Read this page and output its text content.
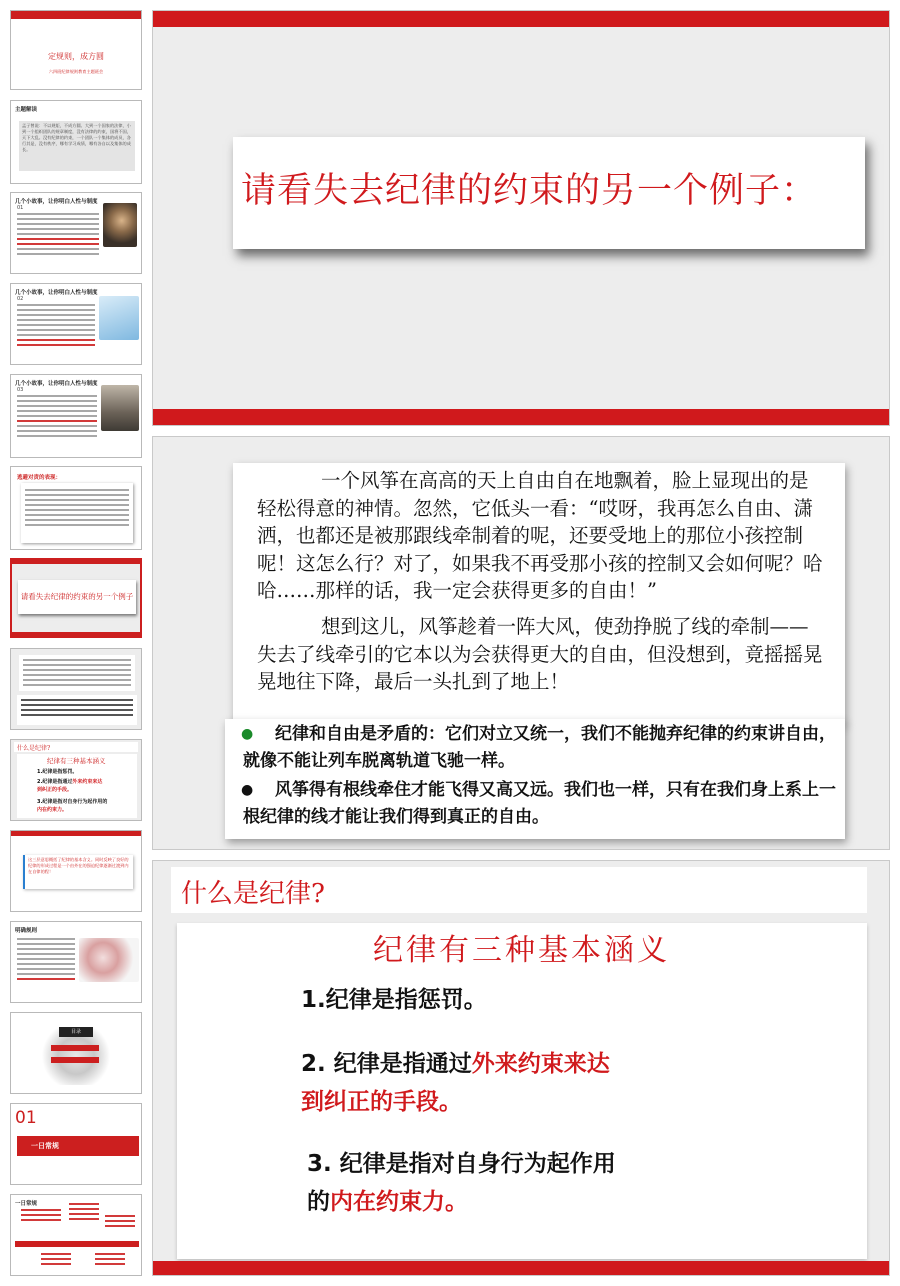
定规则，成方圆
六四班纪律规则教育主题班会
主题解读
孟子曾说：不以规矩，不成方圆。大到一个国家的法律，小到一个组织团队的规章制度，没有法律的约束，国将不国，天下大乱。没有纪律的约束，一个团队一个集体的成员，各行其是，没有秩序，哪有学习成绩，哪有各自以及集体的成长。
几个小故事，让你明白人性与制度
01
几个小故事，让你明白人性与制度
02
几个小故事，让你明白人性与制度
03
逃避对责的表现：
请看失去纪律的约束的另一个例子
什么是纪律?
纪律有三种基本涵义
1.纪律是指惩罚。
2.纪律是指通过外来约束来达到纠正的手段。
3.纪律是指对自身行为起作用的内在约束力。
这三层意思概括了纪律的基本含义。同时反映了良好的纪律的形成过程是一个由外在的强迫纪律逐渐过渡到内在自律的程！
明确规则
目录
01
一日常规
一日常规
请看失去纪律的约束的另一个例子：

一个风筝在高高的天上自由自在地飘着，脸上显现出的是轻松得意的神情。忽然，它低头一看：“哎呀，我再怎么自由、潇洒，也都还是被那跟线牵制着的呢，还要受地上的那位小孩控制呢！这怎么行？对了，如果我不再受那小孩的控制又会如何呢？哈哈……那样的话，我一定会获得更多的自由！”

想到这儿，风筝趁着一阵大风，使劲挣脱了线的牵制——失去了线牵引的它本以为会获得更大的自由，但没想到，竟摇摇晃晃地往下降，最后一头扎到了地上！

● 纪律和自由是矛盾的：它们对立又统一，我们不能抛弃纪律的约束讲自由，就像不能让列车脱离轨道飞驰一样。

● 风筝得有根线牵住才能飞得又高又远。我们也一样，只有在我们身上系上一根纪律的线才能让我们得到真正的自由。

什么是纪律?
纪律有三种基本涵义
1.纪律是指惩罚。
2. 纪律是指通过外来约束来达
到纠正的手段。
3. 纪律是指对自身行为起作用
的内在约束力。
